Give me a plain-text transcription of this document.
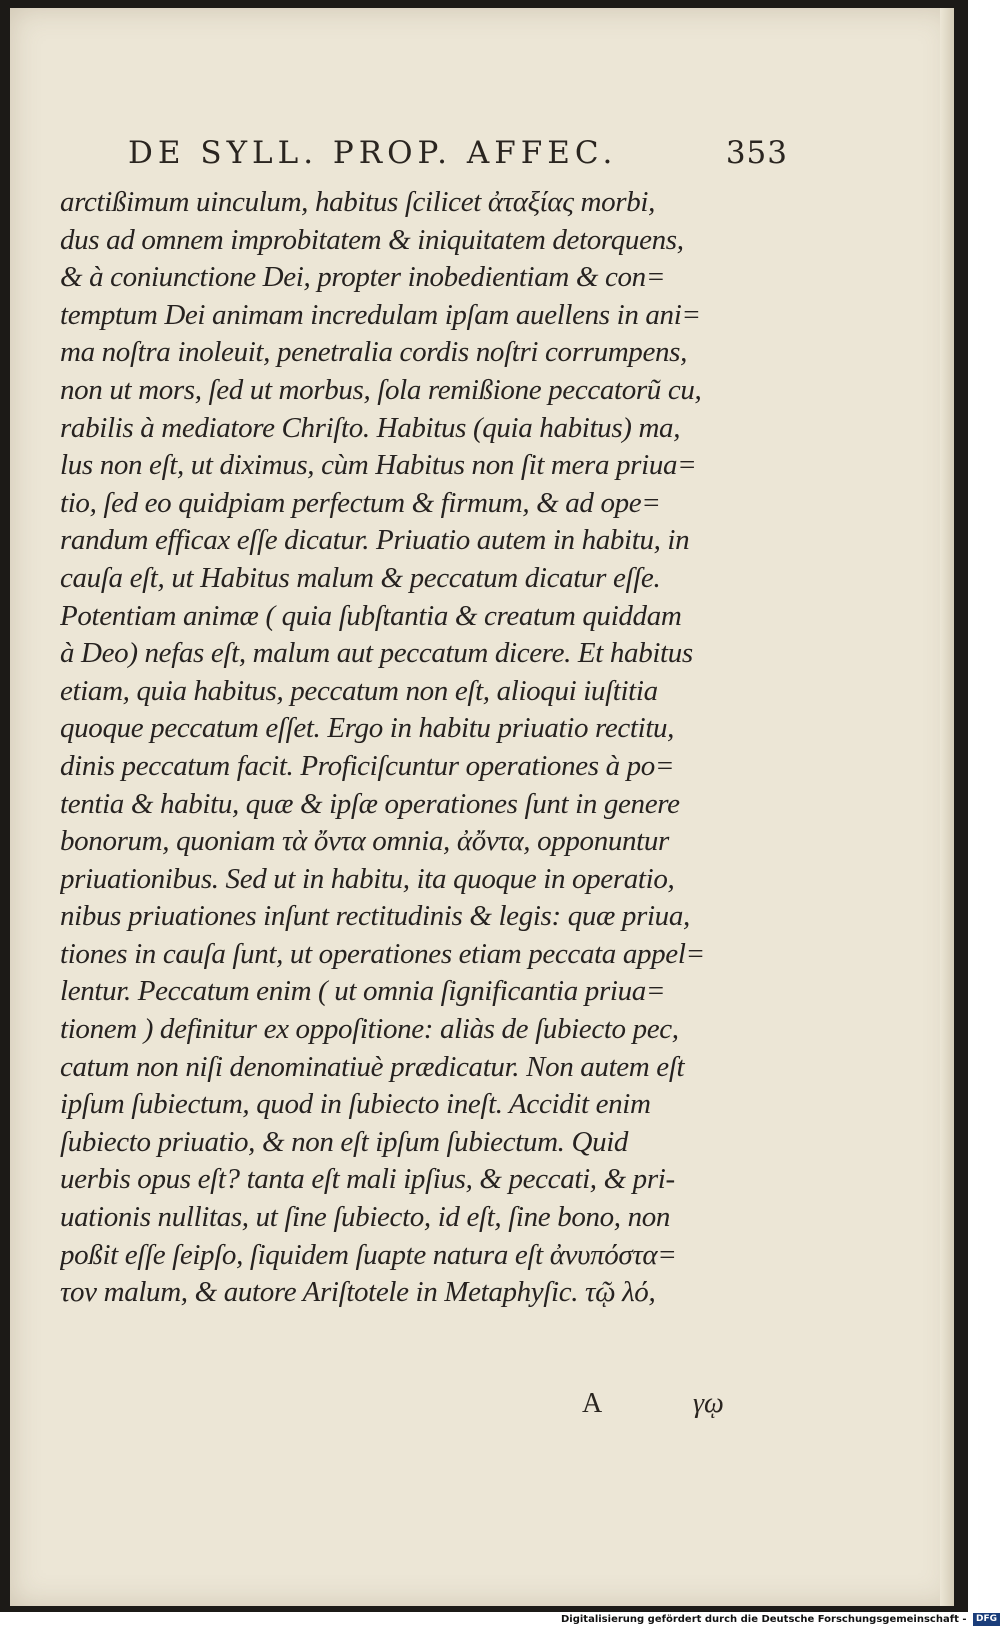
DE SYLL. PROP. AFFEC.	353
arctißimum uinculum, habitus ſcilicet ἀταξίας morbi,
dus ad omnem improbitatem & iniquitatem detorquens,
& à coniunctione Dei, propter inobedientiam & con=
temptum Dei animam incredulam ipſam auellens in ani=
ma noſtra inoleuit, penetralia cordis noſtri corrumpens,
non ut mors, ſed ut morbus, ſola remißione peccatorũ cu,
rabilis à mediatore Chriſto. Habitus (quia habitus) ma,
lus non eſt, ut diximus, cùm Habitus non ſit mera priua=
tio, ſed eo quidpiam perfectum & firmum, & ad ope=
randum efficax eſſe dicatur. Priuatio autem in habitu, in
cauſa eſt, ut Habitus malum & peccatum dicatur eſſe.
Potentiam animæ ( quia ſubſtantia & creatum quiddam
à Deo) nefas eſt, malum aut peccatum dicere. Et habitus
etiam, quia habitus, peccatum non eſt, alioqui iuſtitia
quoque peccatum eſſet. Ergo in habitu priuatio rectitu,
dinis peccatum facit. Proficiſcuntur operationes à po=
tentia & habitu, quæ & ipſæ operationes ſunt in genere
bonorum, quoniam τὰ ὄντα omnia, ἀὄντα, opponuntur
priuationibus. Sed ut in habitu, ita quoque in operatio,
nibus priuationes inſunt rectitudinis & legis: quæ priua,
tiones in cauſa ſunt, ut operationes etiam peccata appel=
lentur. Peccatum enim ( ut omnia ſignificantia priua=
tionem ) definitur ex oppoſitione: aliàs de ſubiecto pec,
catum non niſi denominatiuè prædicatur. Non autem eſt
ipſum ſubiectum, quod in ſubiecto ineſt. Accidit enim
ſubiecto priuatio, & non eſt ipſum ſubiectum. Quid
uerbis opus eſt? tanta eſt mali ipſius, & peccati, & pri-
uationis nullitas, ut ſine ſubiecto, id eſt, ſine bono, non
poßit eſſe ſeipſo, ſiquidem ſuapte natura eſt ἀνυπόστα=
τον malum, & autore Ariſtotele in Metaphyſic. τῷ λό,
A	γῳ
Digitalisierung gefördert durch die Deutsche Forschungsgemeinschaft - DFG
